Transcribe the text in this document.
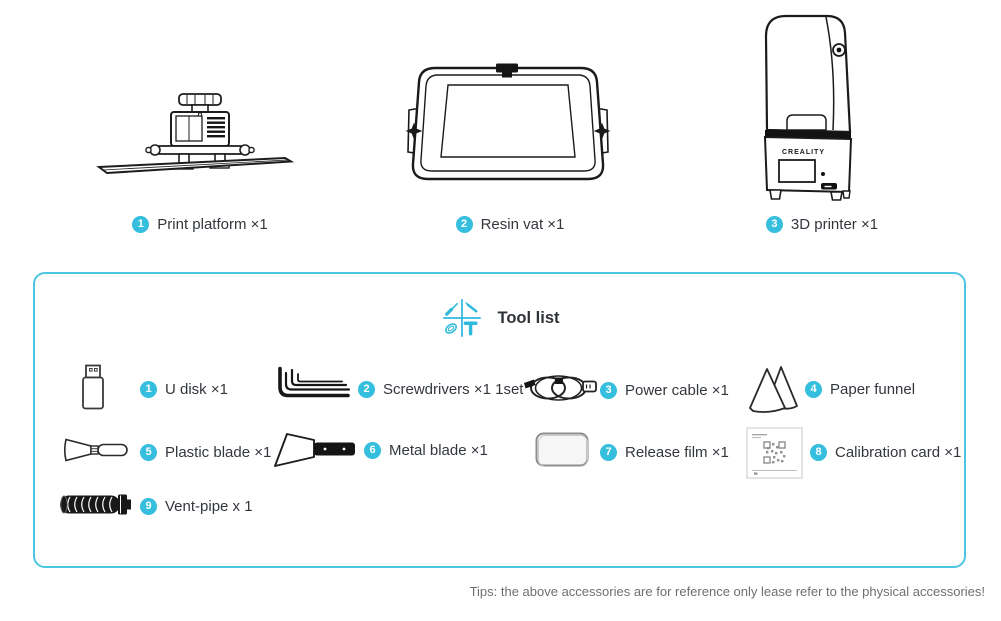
CREALITY
1 Print platform ×1	2 Resin vat ×1	3 3D printer ×1
Tool list
1 U disk ×1	2 Screwdrivers ×1 1set	3 Power cable ×1	4 Paper funnel
5 Plastic blade ×1	6 Metal blade ×1	7 Release film ×1	8 Calibration card ×1
9 Vent-pipe x 1
Tips: the above accessories are for reference only lease refer to the physical accessories!
